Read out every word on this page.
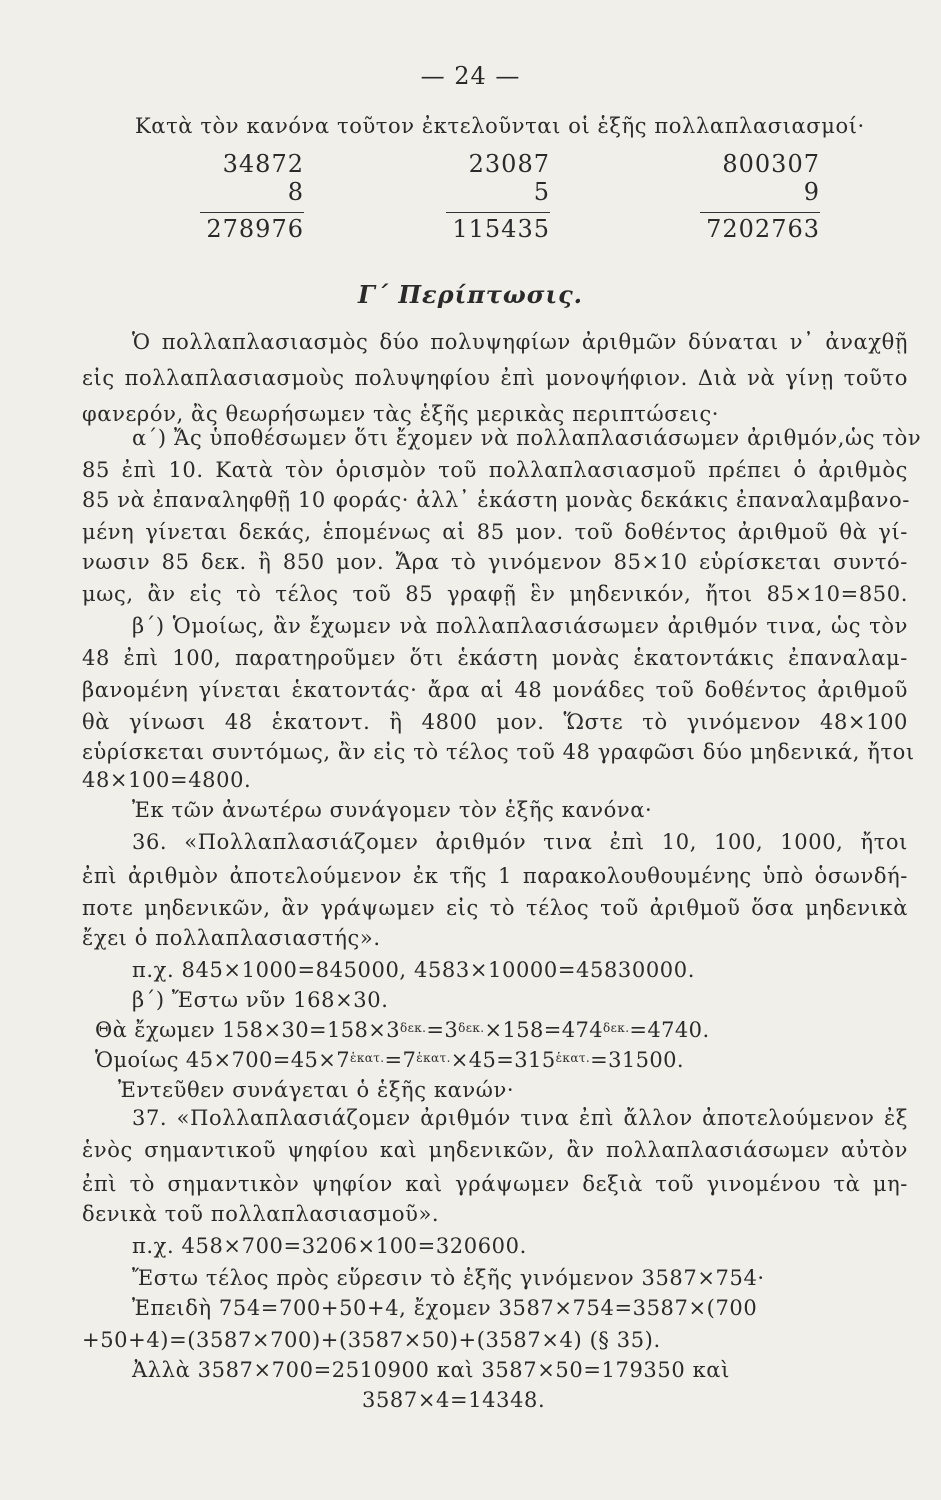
— 24 —
Κατὰ τὸν κανόνα τοῦτον ἐκτελοῦνται οἱ ἑξῆς πολλαπλασιασμοί·
34872
8
278976
23087
5
115435
800307
9
7202763
Γ΄ Περίπτωσις.
Ὁ πολλαπλασιασμὸς δύο πολυψηφίων ἀριθμῶν δύναται ν᾽ ἀναχθῇ
εἰς πολλαπλασιασμοὺς πολυψηφίου ἐπὶ μονοψήφιον. Διὰ νὰ γίνῃ τοῦτο
φανερόν, ἂς θεωρήσωμεν τὰς ἑξῆς μερικὰς περιπτώσεις·
α΄) Ἄς ὑποθέσωμεν ὅτι ἔχομεν νὰ πολλαπλασιάσωμεν ἀριθμόν,ὡς τὸν
85 ἐπὶ 10. Κατὰ τὸν ὁρισμὸν τοῦ πολλαπλασιασμοῦ πρέπει ὁ ἀριθμὸς
85 νὰ ἐπαναληφθῇ 10 φοράς· ἀλλ᾽ ἑκάστη μονὰς δεκάκις ἐπαναλαμβανο-
μένη γίνεται δεκάς, ἑπομένως αἱ 85 μον. τοῦ δοθέντος ἀριθμοῦ θὰ γί-
νωσιν 85 δεκ. ἢ 850 μον. Ἄρα τὸ γινόμενον 85×10 εὑρίσκεται συντό-
μως, ἂν εἰς τὸ τέλος τοῦ 85 γραφῇ ἓν μηδενικόν, ἤτοι 85×10=850.
β΄) Ὁμοίως, ἂν ἔχωμεν νὰ πολλαπλασιάσωμεν ἀριθμόν τινα, ὡς τὸν
48 ἐπὶ 100, παρατηροῦμεν ὅτι ἑκάστη μονὰς ἑκατοντάκις ἐπαναλαμ-
βανομένη γίνεται ἑκατοντάς· ἄρα αἱ 48 μονάδες τοῦ δοθέντος ἀριθμοῦ
θὰ γίνωσι 48 ἑκατοντ. ἢ 4800 μον. Ὥστε τὸ γινόμενον 48×100
εὑρίσκεται συντόμως, ἂν εἰς τὸ τέλος τοῦ 48 γραφῶσι δύο μηδενικά, ἤτοι
48×100=4800.
Ἐκ τῶν ἀνωτέρω συνάγομεν τὸν ἑξῆς κανόνα·
36. «Πολλαπλασιάζομεν ἀριθμόν τινα ἐπὶ 10, 100, 1000, ἤτοι
ἐπὶ ἀριθμὸν ἀποτελούμενον ἐκ τῆς 1 παρακολουθουμένης ὑπὸ ὁσωνδή-
ποτε μηδενικῶν, ἂν γράψωμεν εἰς τὸ τέλος τοῦ ἀριθμοῦ ὅσα μηδενικὰ
ἔχει ὁ πολλαπλασιαστής».
π.χ. 845×1000=845000, 4583×10000=45830000.
β΄) Ἔστω νῦν 168×30.
Θὰ ἔχωμεν $158\times 30=158\times 3^{\delta\varepsilon\kappa.}=3^{\delta\varepsilon\kappa.}\times 158=474^{\delta\varepsilon\kappa.}=4740$.
Ὁμοίως $45\times 700=45\times 7^{ἑ\kappa\alpha\tau.}=7^{ἑ\kappa\alpha\tau.}\times 45=315^{ἑ\kappa\alpha\tau.}=31500$.
Ἐντεῦθεν συνάγεται ὁ ἑξῆς κανών·
37. «Πολλαπλασιάζομεν ἀριθμόν τινα ἐπὶ ἄλλον ἀποτελούμενον ἐξ
ἑνὸς σημαντικοῦ ψηφίου καὶ μηδενικῶν, ἂν πολλαπλασιάσωμεν αὐτὸν
ἐπὶ τὸ σημαντικὸν ψηφίον καὶ γράψωμεν δεξιὰ τοῦ γινομένου τὰ μη-
δενικὰ τοῦ πολλαπλασιασμοῦ».
π.χ. 458×700=3206×100=320600.
Ἔστω τέλος πρὸς εὕρεσιν τὸ ἑξῆς γινόμενον 3587×754·
Ἐπειδὴ 754=700+50+4, ἔχομεν 3587×754=3587×(700
+50+4)=(3587×700)+(3587×50)+(3587×4) (§ 35).
Ἀλλὰ 3587×700=2510900 καὶ 3587×50=179350 καὶ
3587×4=14348.
